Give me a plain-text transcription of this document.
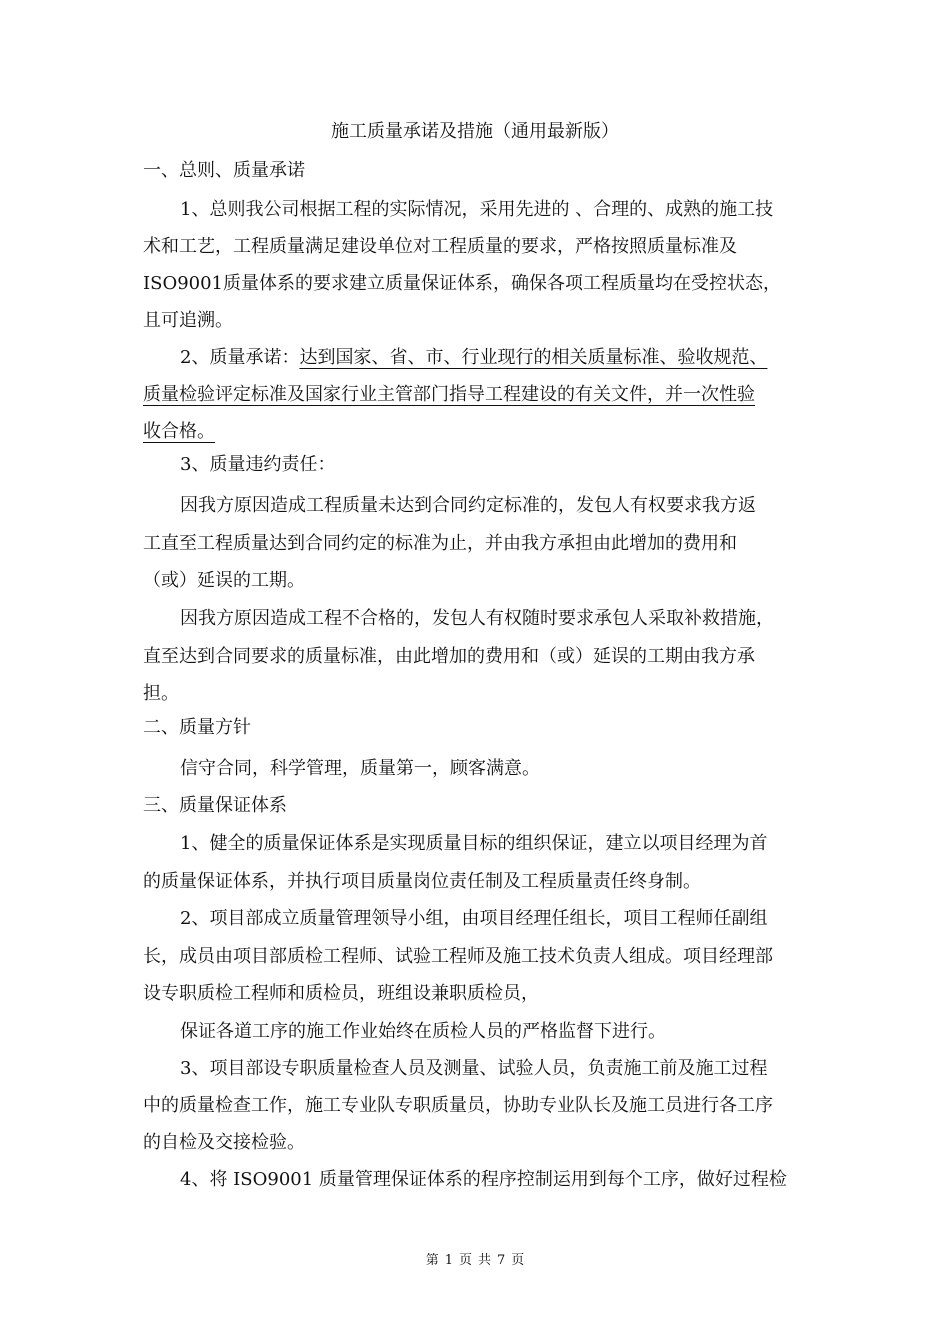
施工质量承诺及措施（通用最新版）
一、总则、质量承诺
1、总则我公司根据工程的实际情况，采用先进的 、合理的、成熟的施工技
术和工艺，工程质量满足建设单位对工程质量的要求，严格按照质量标准及
ISO9001质量体系的要求建立质量保证体系，确保各项工程质量均在受控状态，
且可追溯。
2、质量承诺：达到国家、省、市、行业现行的相关质量标准、验收规范、
质量检验评定标准及国家行业主管部门指导工程建设的有关文件，并一次性验
收合格。
3、质量违约责任：
因我方原因造成工程质量未达到合同约定标准的，发包人有权要求我方返
工直至工程质量达到合同约定的标准为止，并由我方承担由此增加的费用和
（或）延误的工期。
因我方原因造成工程不合格的，发包人有权随时要求承包人采取补救措施，
直至达到合同要求的质量标准，由此增加的费用和（或）延误的工期由我方承
担。
二、质量方针
信守合同，科学管理，质量第一，顾客满意。
三、质量保证体系
1、健全的质量保证体系是实现质量目标的组织保证，建立以项目经理为首
的质量保证体系，并执行项目质量岗位责任制及工程质量责任终身制。
2、项目部成立质量管理领导小组，由项目经理任组长，项目工程师任副组
长，成员由项目部质检工程师、试验工程师及施工技术负责人组成。项目经理部
设专职质检工程师和质检员，班组设兼职质检员，
保证各道工序的施工作业始终在质检人员的严格监督下进行。
3、项目部设专职质量检查人员及测量、试验人员，负责施工前及施工过程
中的质量检查工作，施工专业队专职质量员，协助专业队长及施工员进行各工序
的自检及交接检验。
4、将 ISO9001 质量管理保证体系的程序控制运用到每个工序，做好过程检
第 1 页 共 7 页
